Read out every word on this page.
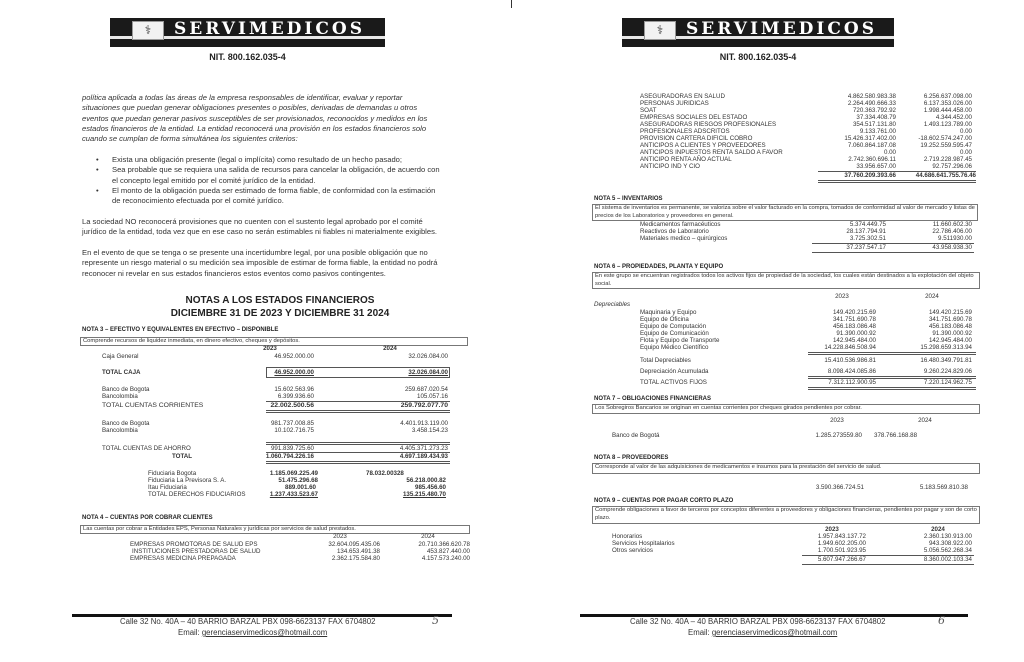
⚕	SERVIMEDICOS
NIT. 800.162.035-4
política aplicada a todas las áreas de la empresa responsables de identificar, evaluar y reportar situaciones que puedan generar obligaciones presentes o posibles, derivadas de demandas u otros eventos que puedan generar pasivos susceptibles de ser provisionados, reconocidos y medidos en los estados financieros de la entidad. La entidad reconocerá una provisión en los estados financieros solo cuando se cumplan de forma simultánea los siguientes criterios:
• Exista una obligación presente (legal o implícita) como resultado de un hecho pasado;
• Sea probable que se requiera una salida de recursos para cancelar la obligación, de acuerdo con el concepto legal emitido por el comité jurídico de la entidad.
• El monto de la obligación pueda ser estimado de forma fiable, de conformidad con la estimación de reconocimiento efectuada por el comité jurídico.
La sociedad NO reconocerá provisiones que no cuenten con el sustento legal aprobado por el comité jurídico de la entidad, toda vez que en ese caso no serán estimables ni fiables ni materialmente exigibles.
En el evento de que se tenga o se presente una incertidumbre legal, por una posible obligación que no represente un riesgo material o su medición sea imposible de estimar de forma fiable, la entidad no podrá reconocer ni revelar en sus estados financieros estos eventos como pasivos contingentes.
NOTAS A LOS ESTADOS FINANCIEROS
DICIEMBRE 31 DE 2023 Y DICIEMBRE 31 2024
NOTA 3 – EFECTIVO Y EQUIVALENTES EN EFECTIVO – DISPONIBLE
Comprende recursos de liquidez inmediata, en dinero efectivo, cheques y depósitos.
2023	2024
Caja General	46.952.000.00	32.026.084.00
TOTAL CAJA	46.952.000.00	32.026.084.00
Banco de Bogota	15.602.563.96	259.687.020.54
Bancolombia	6.399.936.60	105.057.16
TOTAL CUENTAS CORRIENTES	22.002.500.56	259.792.077.70
Banco de Bogota	981.737.008.85	4.401.913.119.00
Bancolombia	10.102.716.75	3.458.154.23
TOTAL CUENTAS DE AHORRO	991.839.725.60	4.405.371.273.23
TOTAL	1.060.794.226.16	4.697.189.434.93
Fiduciaria Bogota	1.185.069.225.49	78.032.00328
Fiduciaria La Previsora S. A.	51.475.296.68	56.218.000.82
Itau Fiduciaria	889.001.60	985.456.60
TOTAL DERECHOS FIDUCIARIOS	1.237.433.523.67	135.215.480.70
NOTA 4 – CUENTAS POR COBRAR CLIENTES
Las cuentas por cobrar a Entidades EPS, Personas Naturales y jurídicas por servicios de salud prestados.
2023	2024
EMPRESAS PROMOTORAS DE SALUD EPS	32.604.095.435.06	20.710.366.620.78
INSTITUCIONES PRESTADORAS DE SALUD	134.653.491.38	453.827.440.00
EMPRESAS MEDICINA PREPAGADA	2.362.175.584.80	4.157.573.240.00
Calle 32 No. 40A – 40 BARRIO BARZAL PBX 098-6623137 FAX 6704802
Email: gerenciaservimedicos@hotmail.com
5
⚕	SERVIMEDICOS
NIT. 800.162.035-4
ASEGURADORAS EN SALUD	4.862.580.983.38	6.256.637.098.00
PERSONAS JURIDICAS	2.264.490.666.33	6.137.353.026.00
SOAT	720.363.792.92	1.998.444.458.00
EMPRESAS SOCIALES DEL ESTADO	37.334.408.79	4.344.452.00
ASEGURADORAS RIESGOS PROFESIONALES	354.517.131.80	1.493.123.789.00
PROFESIONALES ADSCRITOS	9.133.761.00	0.00
PROVISION CARTERA DIFICIL COBRO	15.426.317.402.00	-18.602.574.247.00
ANTICIPOS A CLIENTES Y PROVEEDORES	7.060.864.187.08	19.252.559.595.47
ANTICIPOS INPUESTOS RENTA SALDO A FAVOR	0.00	0.00
ANTICIPO RENTA AÑO ACTUAL	2.742.360.696.11	2.719.228.987.45
ANTICIPO IND Y CIO	33.956.657.00	92.757.296.06
37.760.209.393.66	44.686.641.755.76.46
NOTA 5 – INVENTARIOS
El sistema de inventarios es permanente, se valoriza sobre el valor facturado en la compra, tomados de conformidad al valor de mercado y listas de precios de los Laboratorios y proveedores en general.
Medicamentos farmacéuticos	5.374.449.75	11.660.602.30
Reactivos de Laboratorio	28.137.794.91	22.786.406.00
Materiales medico – quirúrgicos	3.725.302.51	9.511930.00
37.237.547.17	43.958.938.30
NOTA 6 – PROPIEDADES, PLANTA Y EQUIPO
En este grupo se encuentran registrados todos los activos fijos de propiedad de la sociedad, los cuales están destinados a la explotación del objeto social.
2023	2024
Depreciables
Maquinaria y Equipo	149.420.215.69	149.420.215.69
Equipo de Oficina	341.751.690.78	341.751.690.78
Equipo de Computación	456.183.086.48	456.183.086.48
Equipo de Comunicación	91.390.000.92	91.390.000.92
Flota y Equipo de Transporte	142.945.484.00	142.945.484.00
Equipo Médico Científico	14.228.846.508.94	15.298.659.313.94
Total Depreciables	15.410.536.986.81	16.480.349.791.81
Depreciación Acumulada	8.098.424.085.86	9.260.224.829.06
TOTAL ACTIVOS FIJOS	7.312.112.900.95	7.220.124.962.75
NOTA 7 – OBLIGACIONES FINANCIERAS
Los Sobregiros Bancarios se originan en cuentas corrientes por cheques girados pendientes por cobrar.
2023	2024
Banco de Bogotá	1.285.273559.80 378.766.168.88
NOTA 8 – PROVEEDORES
Corresponde al valor de las adquisiciones de medicamentos e insumos para la prestación del servicio de salud.
3.590.366.724.51	5.183.569.810.38
NOTA 9 – CUENTAS POR PAGAR CORTO PLAZO
Comprende obligaciones a favor de terceros por conceptos diferentes a proveedores y obligaciones financieras, pendientes por pagar y son de corto plazo.
2023	2024
Honorarios	1.957.843.137.72	2.360.130.913.00
Servicios Hospitalarios	1.949.602.205.00	943.308.922.00
Otros servicios	1.700.501.923.95	5.056.562.268.34
5.607.947.266.67	8.360.002.103.34
Calle 32 No. 40A – 40 BARRIO BARZAL PBX 098-6623137 FAX 6704802
Email: gerenciaservimedicos@hotmail.com
6
